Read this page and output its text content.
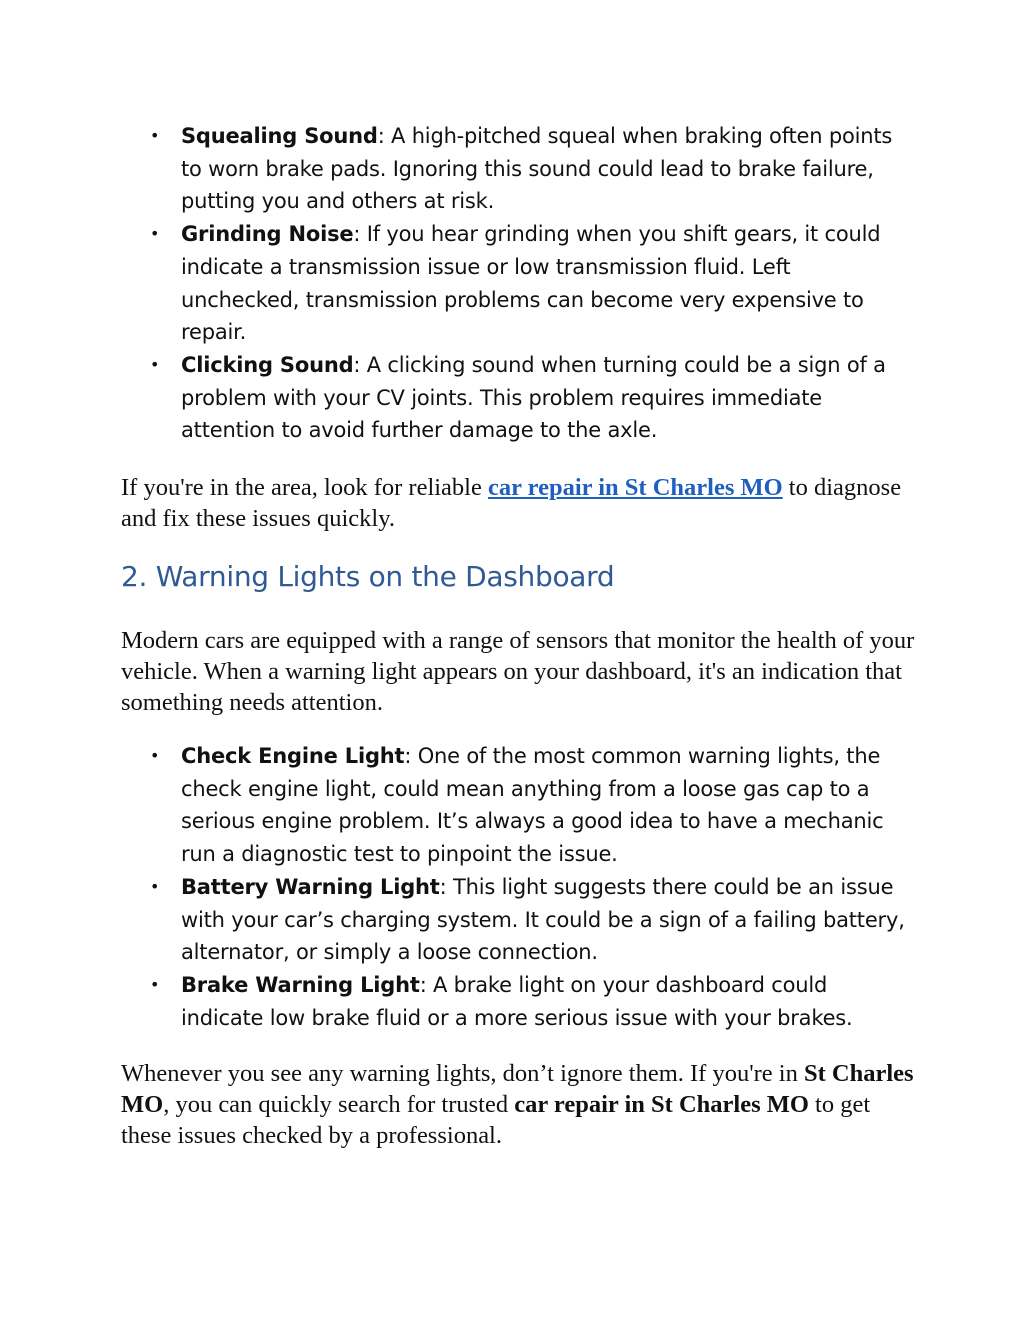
• Squealing Sound: A high-pitched squeal when braking often points to worn brake pads. Ignoring this sound could lead to brake failure, putting you and others at risk.
• Grinding Noise: If you hear grinding when you shift gears, it could indicate a transmission issue or low transmission fluid. Left unchecked, transmission problems can become very expensive to repair.
• Clicking Sound: A clicking sound when turning could be a sign of a problem with your CV joints. This problem requires immediate attention to avoid further damage to the axle.

If you're in the area, look for reliable car repair in St Charles MO to diagnose and fix these issues quickly.

2. Warning Lights on the Dashboard

Modern cars are equipped with a range of sensors that monitor the health of your vehicle. When a warning light appears on your dashboard, it's an indication that something needs attention.

• Check Engine Light: One of the most common warning lights, the check engine light, could mean anything from a loose gas cap to a serious engine problem. It’s always a good idea to have a mechanic run a diagnostic test to pinpoint the issue.
• Battery Warning Light: This light suggests there could be an issue with your car’s charging system. It could be a sign of a failing battery, alternator, or simply a loose connection.
• Brake Warning Light: A brake light on your dashboard could indicate low brake fluid or a more serious issue with your brakes.

Whenever you see any warning lights, don’t ignore them. If you're in St Charles MO, you can quickly search for trusted car repair in St Charles MO to get these issues checked by a professional.
